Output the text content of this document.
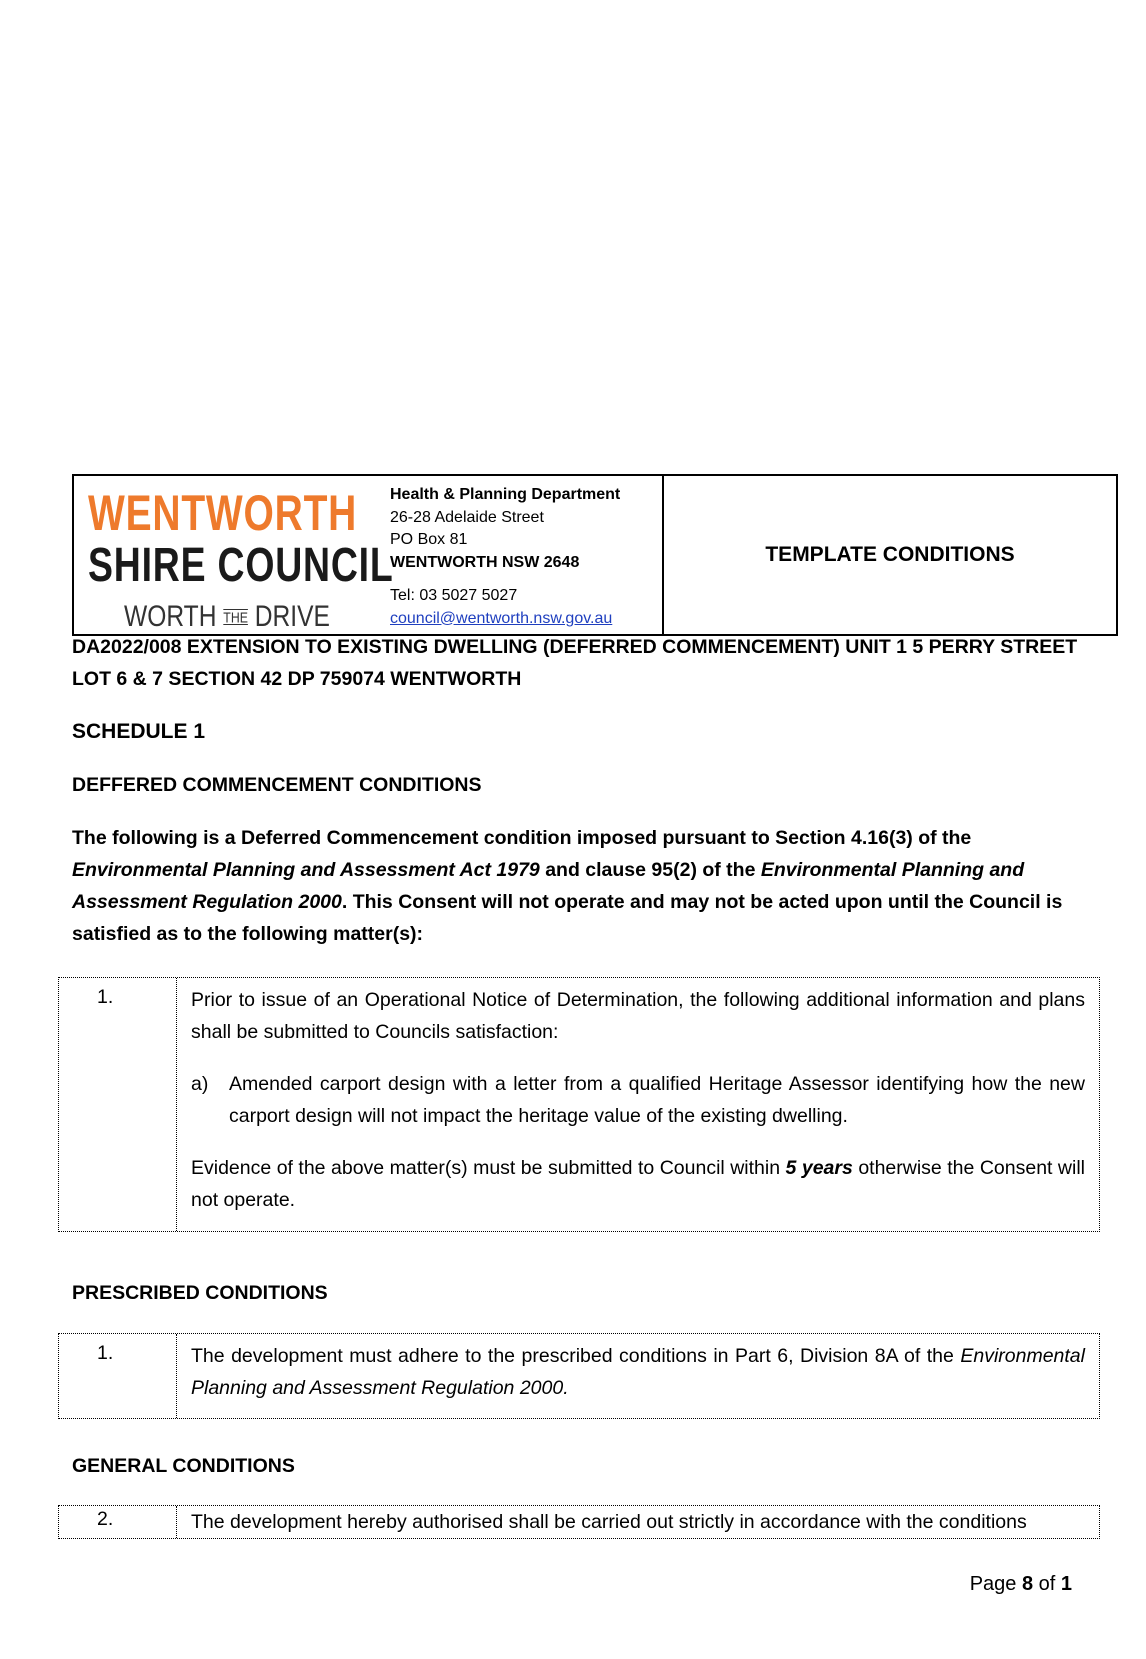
WENTWORTH
SHIRE COUNCIL
WORTH THE DRIVE
Health & Planning Department
26-28 Adelaide Street
PO Box 81
WENTWORTH NSW 2648
Tel: 03 5027 5027
council@wentworth.nsw.gov.au
TEMPLATE CONDITIONS
DA2022/008 EXTENSION TO EXISTING DWELLING (DEFERRED COMMENCEMENT) UNIT 1 5 PERRY STREET
LOT 6 & 7 SECTION 42 DP 759074 WENTWORTH
SCHEDULE 1
DEFFERED COMMENCEMENT CONDITIONS
The following is a Deferred Commencement condition imposed pursuant to Section 4.16(3) of the Environmental Planning and Assessment Act 1979 and clause 95(2) of the Environmental Planning and Assessment Regulation 2000. This Consent will not operate and may not be acted upon until the Council is satisfied as to the following matter(s):
1.	Prior to issue of an Operational Notice of Determination, the following additional information and plans shall be submitted to Councils satisfaction:

a)	Amended carport design with a letter from a qualified Heritage Assessor identifying how the new carport design will not impact the heritage value of the existing dwelling.

Evidence of the above matter(s) must be submitted to Council within 5 years otherwise the Consent will not operate.

PRESCRIBED CONDITIONS
1.	The development must adhere to the prescribed conditions in Part 6, Division 8A of the Environmental Planning and Assessment Regulation 2000.
GENERAL CONDITIONS
2.	The development hereby authorised shall be carried out strictly in accordance with the conditions
Page 8 of 1
